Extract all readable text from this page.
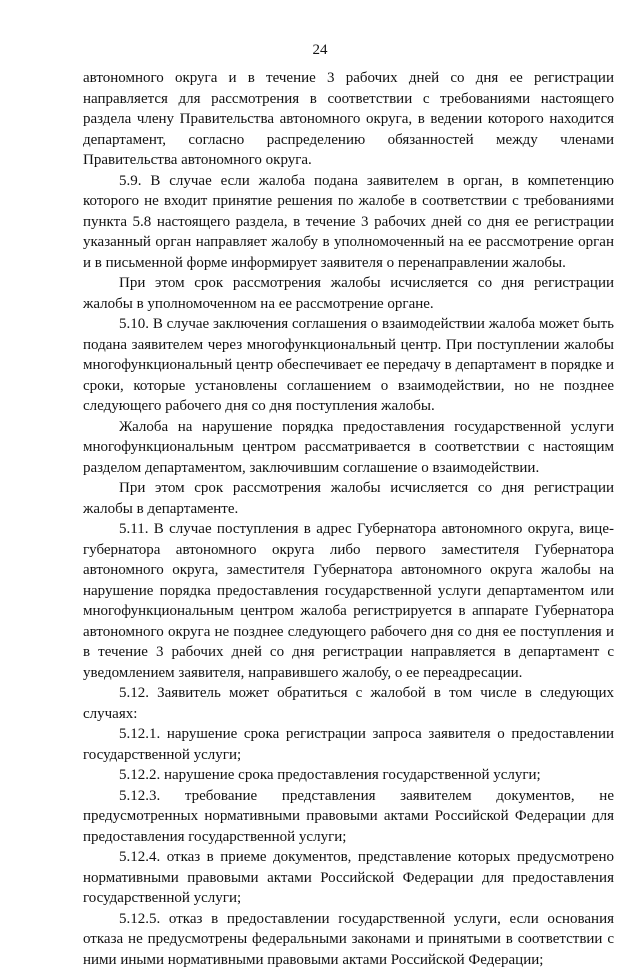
24

автономного округа и в течение 3 рабочих дней со дня ее регистрации направляется для рассмотрения в соответствии с требованиями настоящего раздела члену Правительства автономного округа, в ведении которого находится департамент, согласно распределению обязанностей между членами Правительства автономного округа.

5.9. В случае если жалоба подана заявителем в орган, в компетенцию которого не входит принятие решения по жалобе в соответствии с требованиями пункта 5.8 настоящего раздела, в течение 3 рабочих дней со дня ее регистрации указанный орган направляет жалобу в уполномоченный на ее рассмотрение орган и в письменной форме информирует заявителя о перенаправлении жалобы.

При этом срок рассмотрения жалобы исчисляется со дня регистрации жалобы в уполномоченном на ее рассмотрение органе.

5.10. В случае заключения соглашения о взаимодействии жалоба может быть подана заявителем через многофункциональный центр. При поступлении жалобы многофункциональный центр обеспечивает ее передачу в департамент в порядке и сроки, которые установлены соглашением о взаимодействии, но не позднее следующего рабочего дня со дня поступления жалобы.

Жалоба на нарушение порядка предоставления государственной услуги многофункциональным центром рассматривается в соответствии с настоящим разделом департаментом, заключившим соглашение о взаимодействии.

При этом срок рассмотрения жалобы исчисляется со дня регистрации жалобы в департаменте.

5.11. В случае поступления в адрес Губернатора автономного округа, вице-губернатора автономного округа либо первого заместителя Губернатора автономного округа, заместителя Губернатора автономного округа жалобы на нарушение порядка предоставления государственной услуги департаментом или многофункциональным центром жалоба регистрируется в аппарате Губернатора автономного округа не позднее следующего рабочего дня со дня ее поступления и в течение 3 рабочих дней со дня регистрации направляется в департамент с уведомлением заявителя, направившего жалобу, о ее переадресации.

5.12. Заявитель может обратиться с жалобой в том числе в следующих случаях:

5.12.1. нарушение срока регистрации запроса заявителя о предоставлении государственной услуги;

5.12.2. нарушение срока предоставления государственной услуги;

5.12.3. требование представления заявителем документов, не предусмотренных нормативными правовыми актами Российской Федерации для предоставления государственной услуги;

5.12.4. отказ в приеме документов, представление которых предусмотрено нормативными правовыми актами Российской Федерации для предоставления государственной услуги;

5.12.5. отказ в предоставлении государственной услуги, если основания отказа не предусмотрены федеральными законами и принятыми в соответствии с ними иными нормативными правовыми актами Российской Федерации;
